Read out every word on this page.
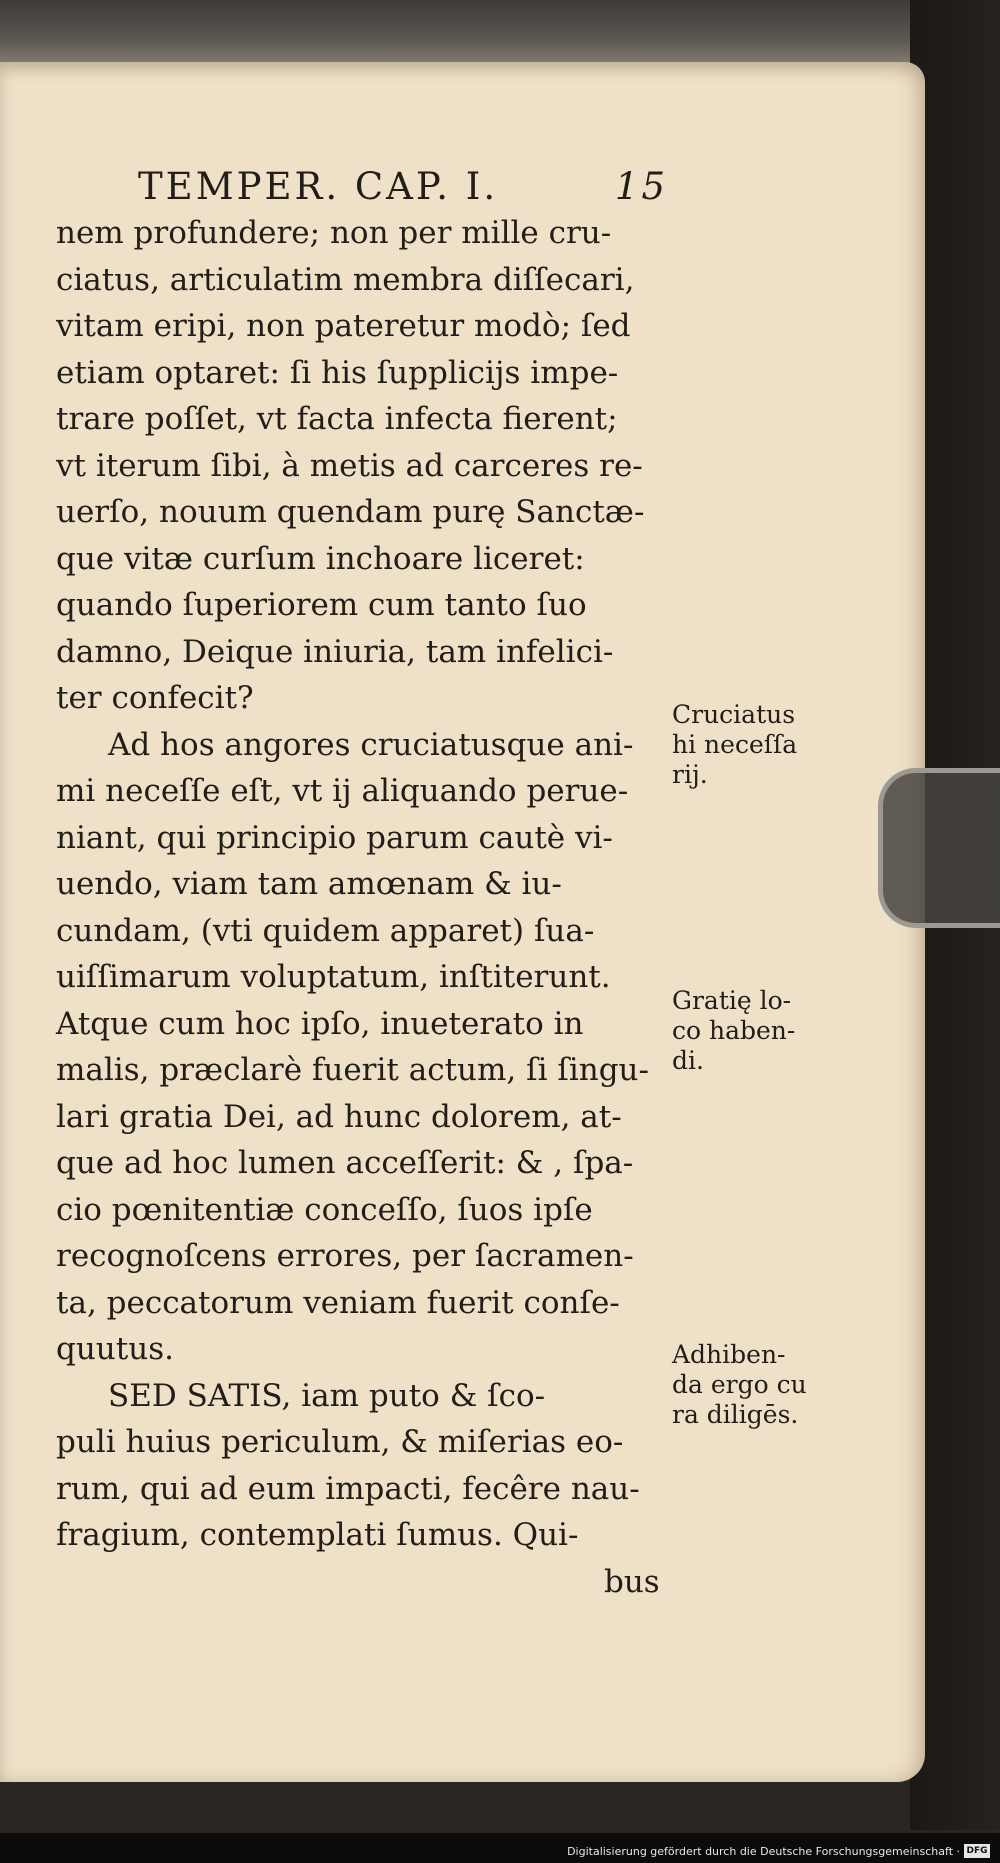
TEMPER. CAP. I.	15
nem profundere; non per mille cru-
ciatus, articulatim membra diſſecari,
vitam eripi, non pateretur modò; ſed
etiam optaret: ſi his ſupplicijs impe-
trare poſſet, vt facta infecta fierent;
vt iterum ſibi, à metis ad carceres re-
uerſo, nouum quendam purę Sanctæ-
que vitæ curſum inchoare liceret:
quando ſuperiorem cum tanto ſuo
damno, Deique iniuria, tam infelici-
ter confecit?
Ad hos angores cruciatusque ani-
mi neceſſe eſt, vt ij aliquando perue-
niant, qui principio parum cautè vi-
uendo, viam tam amœnam & iu-
cundam, (vti quidem apparet) ſua-
uiſſimarum voluptatum, inſtiterunt.
Atque cum hoc ipſo, inueterato in
malis, præclarè fuerit actum, ſi ſingu-
lari gratia Dei, ad hunc dolorem, at-
que ad hoc lumen acceſſerit: & , ſpa-
cio pœnitentiæ conceſſo, ſuos ipſe
recognoſcens errores, per ſacramen-
ta, peccatorum veniam fuerit conſe-
quutus.
SED SATIS, iam puto & ſco-
puli huius periculum, & miſerias eo-
rum, qui ad eum impacti, fecêre nau-
fragium, contemplati ſumus. Qui-
bus
Cruciatus
hi neceſſa
rij.
Gratię lo-
co haben-
di.
Adhiben-
da ergo cu
ra diligēs.
Digitalisierung gefördert durch die Deutsche Forschungsgemeinschaft · DFG
